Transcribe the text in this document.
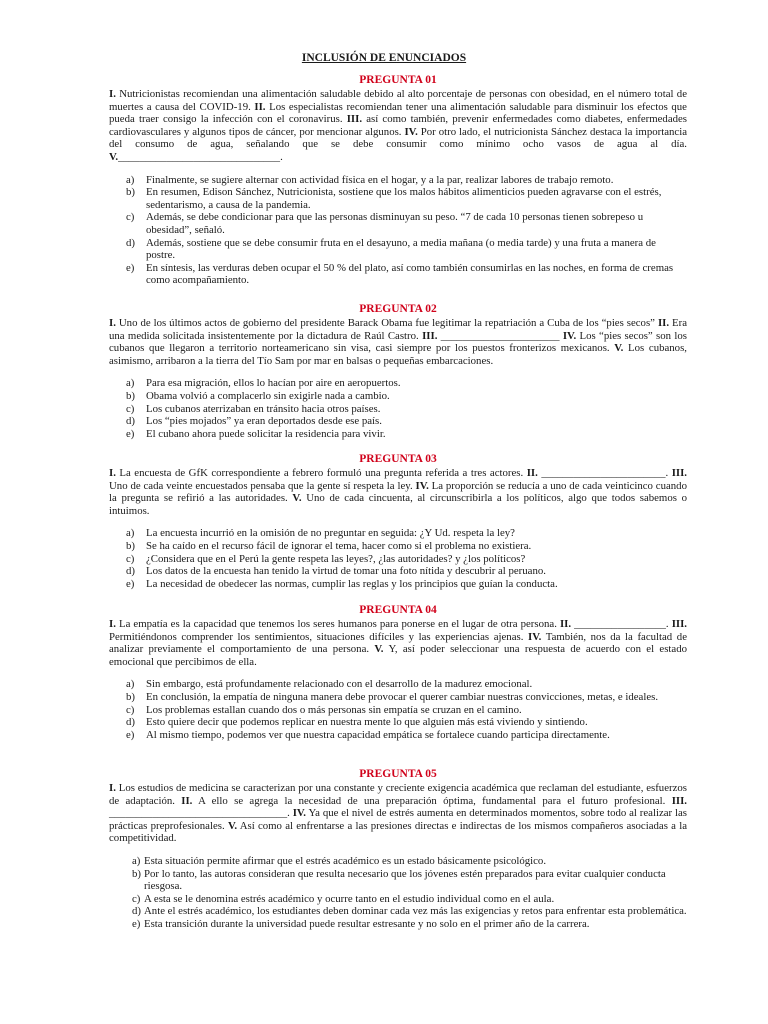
INCLUSIÓN DE ENUNCIADOS
PREGUNTA 01
I. Nutricionistas recomiendan una alimentación saludable debido al alto porcentaje de personas con obesidad, en el número total de muertes a causa del COVID-19. II. Los especialistas recomiendan tener una alimentación saludable para disminuir los efectos que pueda traer consigo la infección con el coronavirus. III. así como también, prevenir enfermedades como diabetes, enfermedades cardiovasculares y algunos tipos de cáncer, por mencionar algunos. IV. Por otro lado, el nutricionista Sánchez destaca la importancia del consumo de agua, señalando que se debe consumir como mínimo ocho vasos de agua al día. V.______________________________.
a)	Finalmente, se sugiere alternar con actividad física en el hogar, y a la par, realizar labores de trabajo remoto.
b)	En resumen, Edison Sánchez, Nutricionista, sostiene que los malos hábitos alimenticios pueden agravarse con el estrés, sedentarismo, a causa de la pandemia.
c)	Además, se debe condicionar para que las personas disminuyan su peso. “7 de cada 10 personas tienen sobrepeso u obesidad”, señaló.
d)	Además, sostiene que se debe consumir fruta en el desayuno, a media mañana (o media tarde) y una fruta a manera de postre.
e)	En síntesis, las verduras deben ocupar el 50 % del plato, así como también consumirlas en las noches, en forma de cremas como acompañamiento.
PREGUNTA 02
I. Uno de los últimos actos de gobierno del presidente Barack Obama fue legitimar la repatriación a Cuba de los “pies secos” II. Era una medida solicitada insistentemente por la dictadura de Raúl Castro. III. ______________________ IV. Los “pies secos” son los cubanos que llegaron a territorio norteamericano sin visa, casi siempre por los puestos fronterizos mexicanos. V. Los cubanos, asimismo, arribaron a la tierra del Tío Sam por mar en balsas o pequeñas embarcaciones.
a)	Para esa migración, ellos lo hacían por aire en aeropuertos.
b)	Obama volvió a complacerlo sin exigirle nada a cambio.
c)	Los cubanos aterrizaban en tránsito hacia otros países.
d)	Los “pies mojados” ya eran deportados desde ese país.
e)	El cubano ahora puede solicitar la residencia para vivir.
PREGUNTA 03
I. La encuesta de GfK correspondiente a febrero formuló una pregunta referida a tres actores. II. _______________________. III. Uno de cada veinte encuestados pensaba que la gente sí respeta la ley. IV. La proporción se reducía a uno de cada veinticinco cuando la pregunta se refirió a las autoridades. V. Uno de cada cincuenta, al circunscribirla a los políticos, algo que todos sabemos o intuimos.
a)	La encuesta incurrió en la omisión de no preguntar en seguida: ¿Y Ud. respeta la ley?
b)	Se ha caído en el recurso fácil de ignorar el tema, hacer como si el problema no existiera.
c)	¿Considera que en el Perú la gente respeta las leyes?, ¿las autoridades? y ¿los políticos?
d)	Los datos de la encuesta han tenido la virtud de tomar una foto nítida y descubrir al peruano.
e)	La necesidad de obedecer las normas, cumplir las reglas y los principios que guían la conducta.
PREGUNTA 04
I. La empatía es la capacidad que tenemos los seres humanos para ponerse en el lugar de otra persona. II. _________________. III. Permitiéndonos comprender los sentimientos, situaciones difíciles y las experiencias ajenas. IV. También, nos da la facultad de analizar previamente el comportamiento de una persona. V. Y, así poder seleccionar una respuesta de acuerdo con el estado emocional que percibimos de ella.
a)	Sin embargo, está profundamente relacionado con el desarrollo de la madurez emocional.
b)	En conclusión, la empatía de ninguna manera debe provocar el querer cambiar nuestras convicciones, metas, e ideales.
c)	Los problemas estallan cuando dos o más personas sin empatía se cruzan en el camino.
d)	Esto quiere decir que podemos replicar en nuestra mente lo que alguien más está viviendo y sintiendo.
e)	Al mismo tiempo, podemos ver que nuestra capacidad empática se fortalece cuando participa directamente.
PREGUNTA 05
I. Los estudios de medicina se caracterizan por una constante y creciente exigencia académica que reclaman del estudiante, esfuerzos de adaptación. II. A ello se agrega la necesidad de una preparación óptima, fundamental para el futuro profesional. III. _________________________________. IV. Ya que el nivel de estrés aumenta en determinados momentos, sobre todo al realizar las prácticas preprofesionales. V. Así como al enfrentarse a las presiones directas e indirectas de los mismos compañeros asociadas a la competitividad.
a) Esta situación permite afirmar que el estrés académico es un estado básicamente psicológico.
b) Por lo tanto, las autoras consideran que resulta necesario que los jóvenes estén preparados para evitar cualquier conducta riesgosa.
c) A esta se le denomina estrés académico y ocurre tanto en el estudio individual como en el aula.
d) Ante el estrés académico, los estudiantes deben dominar cada vez más las exigencias y retos para enfrentar esta problemática.
e) Esta transición durante la universidad puede resultar estresante y no solo en el primer año de la carrera.
